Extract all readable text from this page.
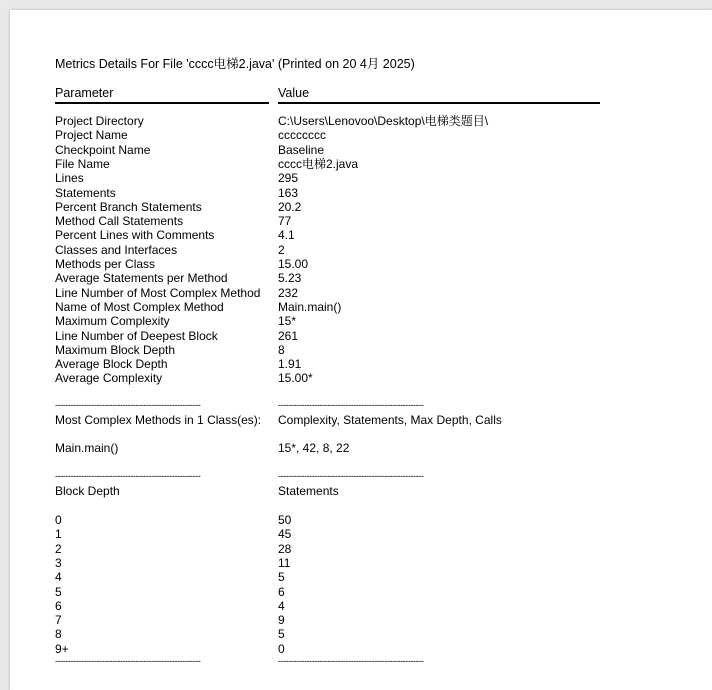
Metrics Details For File 'cccc电梯2.java' (Printed on 20 4月 2025)
Parameter	Value
Project Directory	C:\Users\Lenovoo\Desktop\电梯类题目\
Project Name	cccccccc
Checkpoint Name	Baseline
File Name	cccc电梯2.java
Lines	295
Statements	163
Percent Branch Statements	20.2
Method Call Statements	77
Percent Lines with Comments	4.1
Classes and Interfaces	2
Methods per Class	15.00
Average Statements per Method	5.23
Line Number of Most Complex Method 232
Name of Most Complex Method	Main.main()
Maximum Complexity	15*
Line Number of Deepest Block	261
Maximum Block Depth	8
Average Block Depth	1.91
Average Complexity	15.00*
--------------------------------------------------------	--------------------------------------------------------
Most Complex Methods in 1 Class(es): Complexity, Statements, Max Depth, Calls
Main.main()	15*, 42, 8, 22
--------------------------------------------------------	--------------------------------------------------------
Block Depth	Statements
0	50
1	45
2	28
3	11
4	5
5	6
6	4
7	9
8	5
9+	0
--------------------------------------------------------	--------------------------------------------------------
